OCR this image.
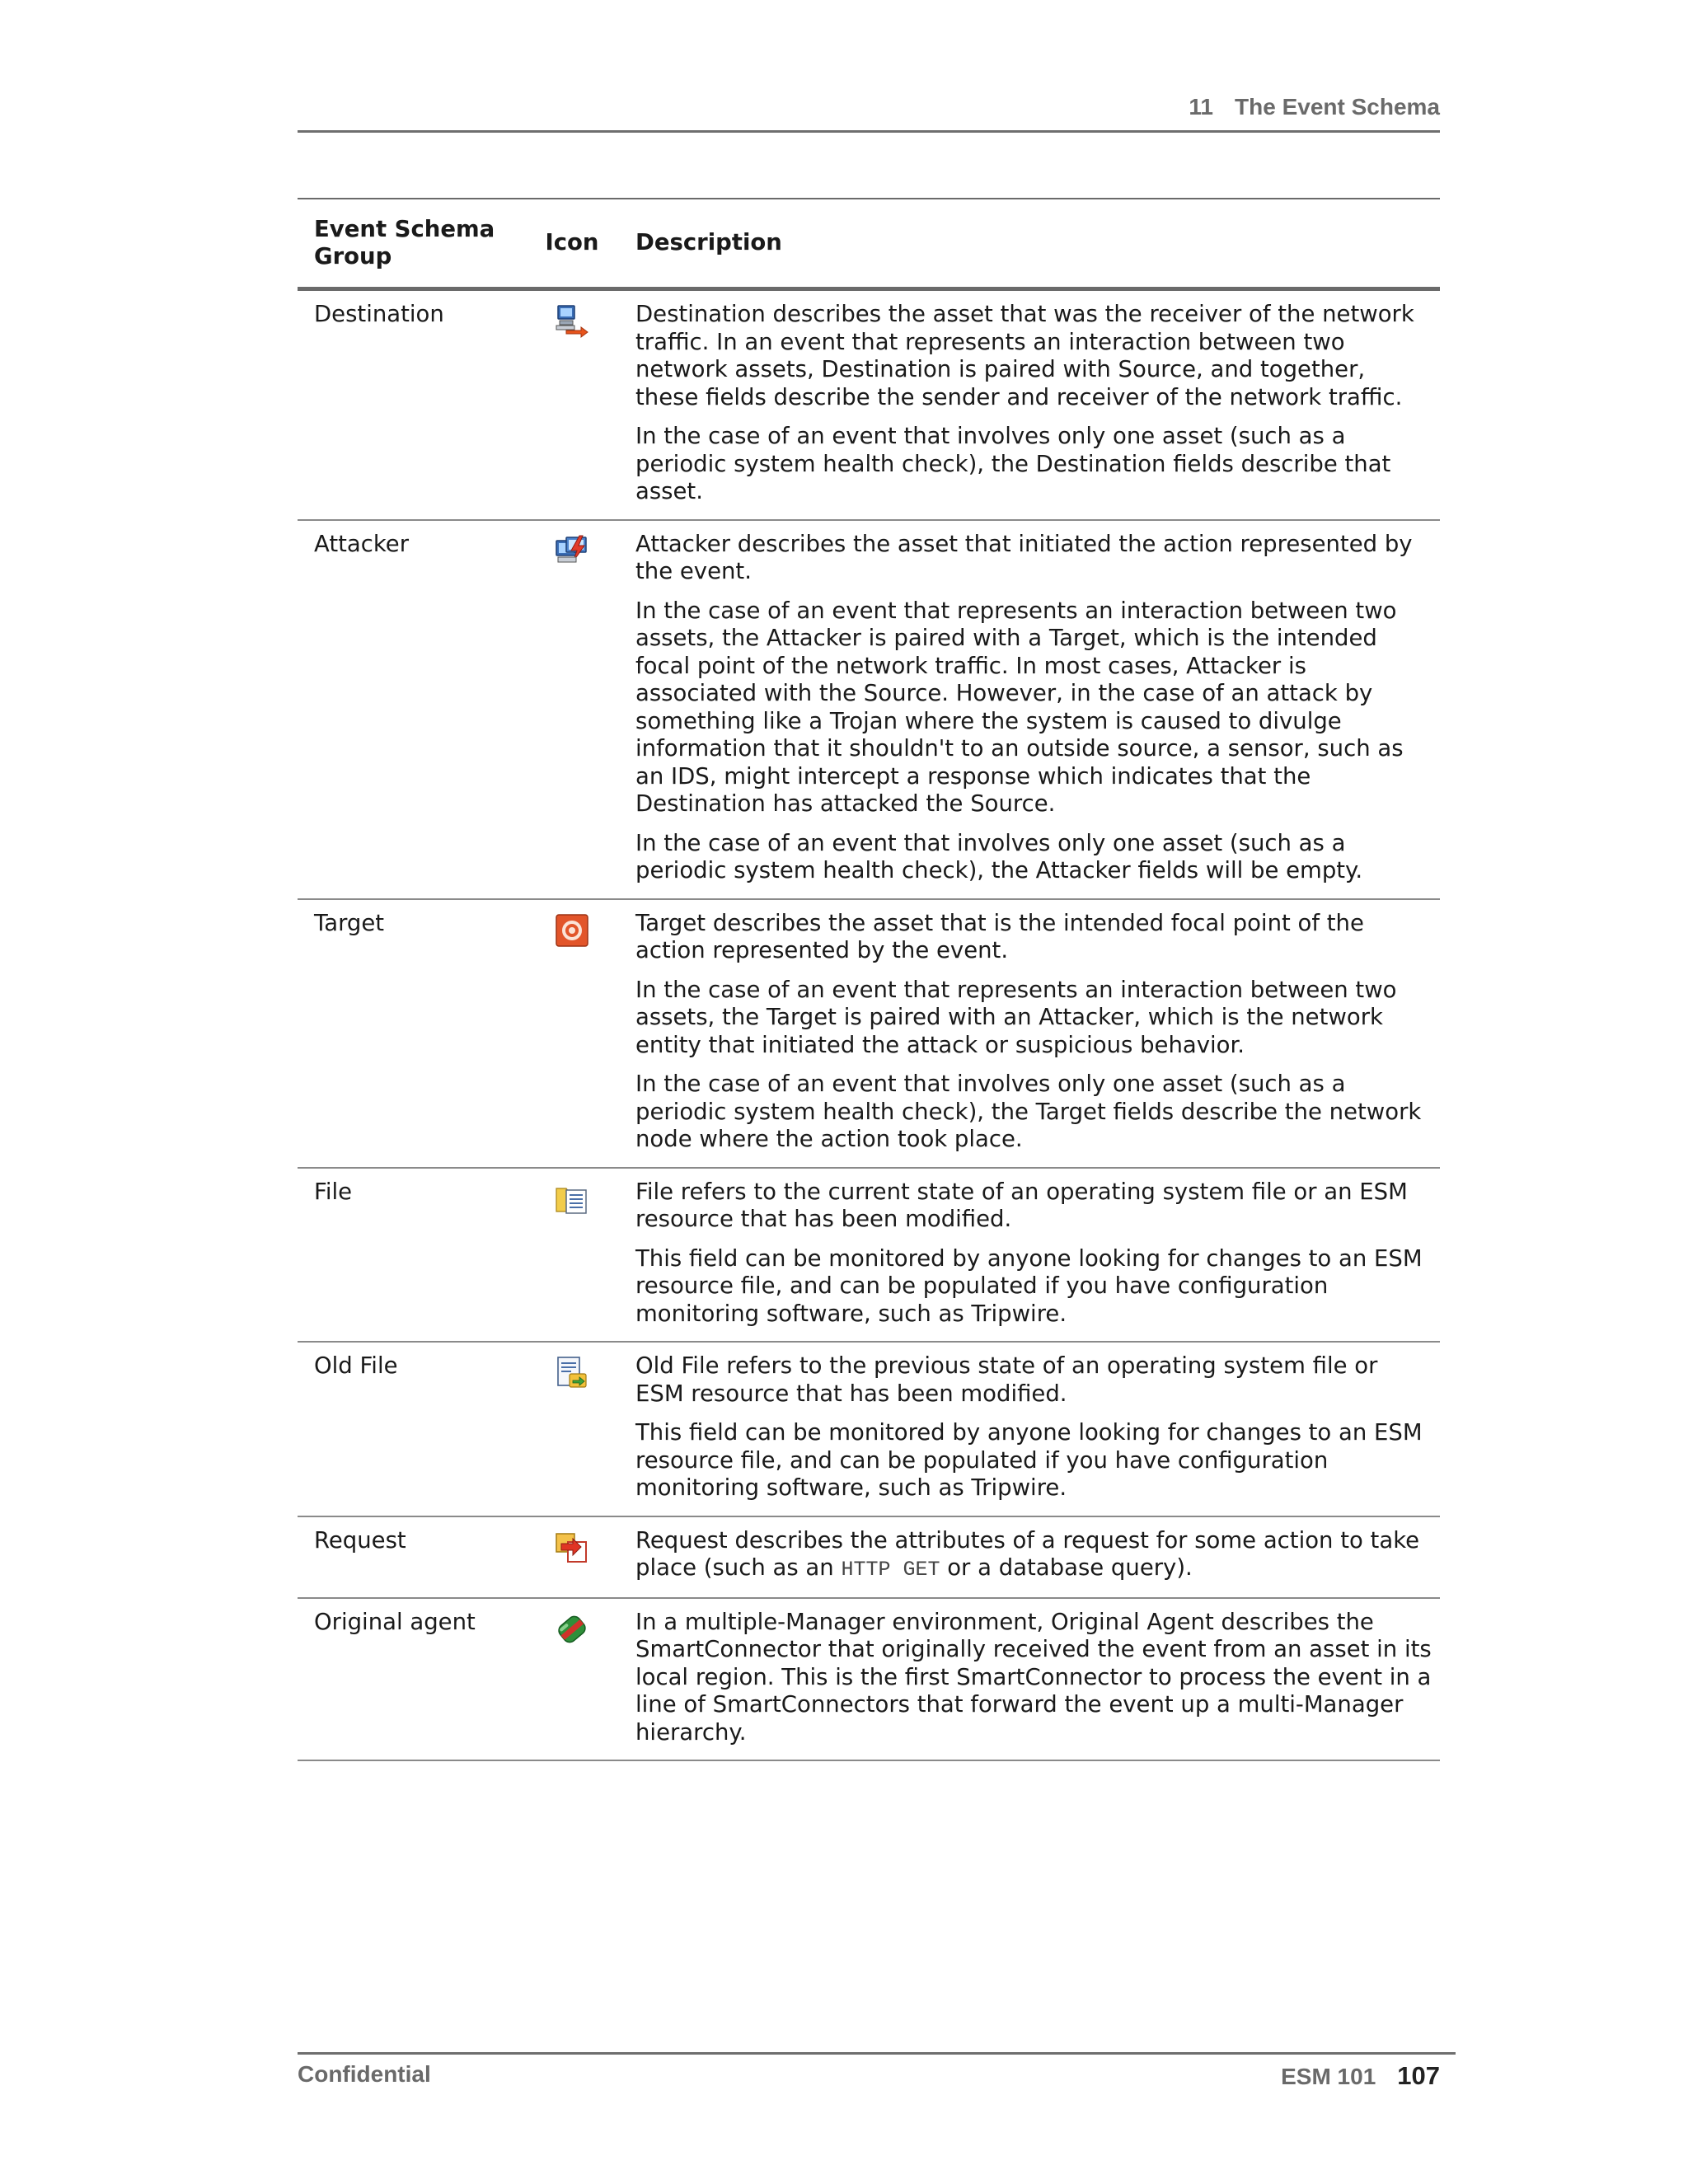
11 The Event Schema
Event Schema Group	Icon	Description
Destination		Destination describes the asset that was the receiver of the network traffic. In an event that represents an interaction between two network assets, Destination is paired with Source, and together, these fields describe the sender and receiver of the network traffic.

In the case of an event that involves only one asset (such as a periodic system health check), the Destination fields describe that asset.

Attacker		Attacker describes the asset that initiated the action represented by the event.

In the case of an event that represents an interaction between two assets, the Attacker is paired with a Target, which is the intended focal point of the network traffic. In most cases, Attacker is associated with the Source. However, in the case of an attack by something like a Trojan where the system is caused to divulge information that it shouldn't to an outside source, a sensor, such as an IDS, might intercept a response which indicates that the Destination has attacked the Source.

In the case of an event that involves only one asset (such as a periodic system health check), the Attacker fields will be empty.

Target		Target describes the asset that is the intended focal point of the action represented by the event.

In the case of an event that represents an interaction between two assets, the Target is paired with an Attacker, which is the network entity that initiated the attack or suspicious behavior.

In the case of an event that involves only one asset (such as a periodic system health check), the Target fields describe the network node where the action took place.

File		File refers to the current state of an operating system file or an ESM resource that has been modified.

This field can be monitored by anyone looking for changes to an ESM resource file, and can be populated if you have configuration monitoring software, such as Tripwire.

Old File		Old File refers to the previous state of an operating system file or ESM resource that has been modified.

This field can be monitored by anyone looking for changes to an ESM resource file, and can be populated if you have configuration monitoring software, such as Tripwire.

Request		Request describes the attributes of a request for some action to take place (such as an HTTP GET or a database query).

Original agent		In a multiple-Manager environment, Original Agent describes the SmartConnector that originally received the event from an asset in its local region. This is the first SmartConnector to process the event in a line of SmartConnectors that forward the event up a multi-Manager hierarchy.

Confidential	ESM 101 107
